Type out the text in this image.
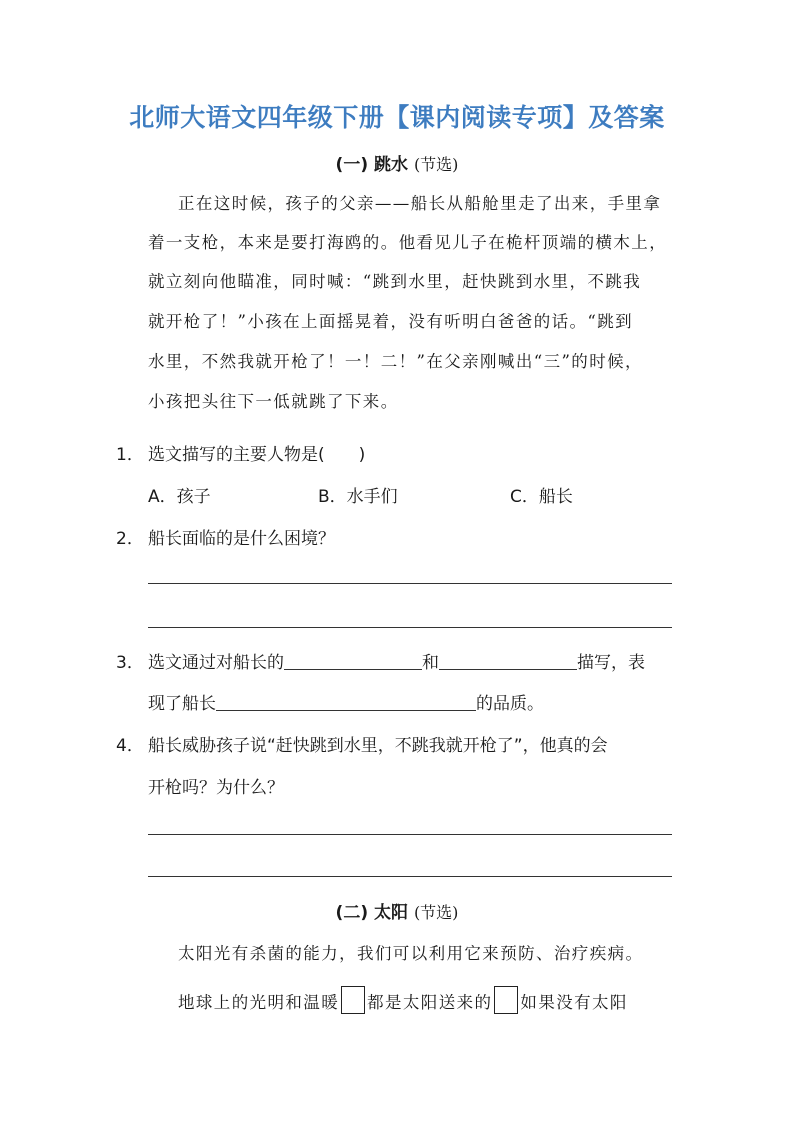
北师大语文四年级下册【课内阅读专项】及答案
(一) 跳水 (节选)
正在这时候，孩子的父亲——船长从船舱里走了出来，手里拿
着一支枪，本来是要打海鸥的。他看见儿子在桅杆顶端的横木上，
就立刻向他瞄准，同时喊：“跳到水里，赶快跳到水里，不跳我
就开枪了！”小孩在上面摇晃着，没有听明白爸爸的话。“跳到
水里，不然我就开枪了！一！二！”在父亲刚喊出“三”的时候，
小孩把头往下一低就跳了下来。
1． 选文描写的主要人物是(　　)
A．孩子	B．水手们	C．船长
2． 船长面临的是什么困境？
3． 选文通过对船长的	和	描写，表
现了船长	的品质。
4． 船长威胁孩子说“赶快跳到水里，不跳我就开枪了”，他真的会
开枪吗？为什么？
(二) 太阳 (节选)
太阳光有杀菌的能力，我们可以利用它来预防、治疗疾病。
地球上的光明和温暖 都是太阳送来的 如果没有太阳
